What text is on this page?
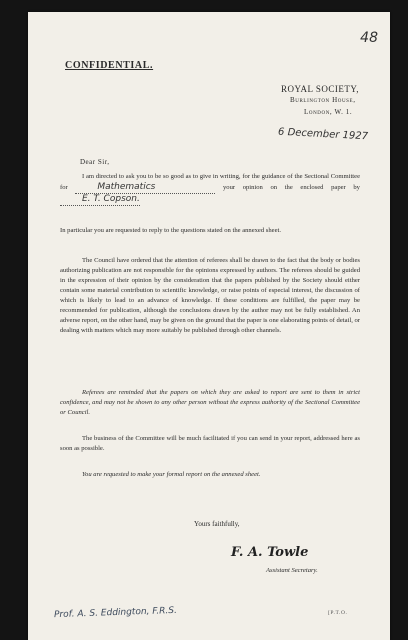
48
CONFIDENTIAL.
ROYAL SOCIETY,
Burlington House,
London, W. 1.
6 December 1927
Dear Sir,
I am directed to ask you to be so good as to give in writing, for the guidance of the Sectional Committee for	Mathematics	your opinion on the enclosed paper by E. T. Copson.
In particular you are requested to reply to the questions stated on the annexed sheet.
The Council have ordered that the attention of referees shall be drawn to the fact that the body or bodies authorizing publication are not responsible for the opinions expressed by authors. The referees should be guided in the expression of their opinion by the consideration that the papers published by the Society should either contain some material contribution to scientific knowledge, or raise points of especial interest, the discussion of which is likely to lead to an advance of knowledge. If these conditions are fulfilled, the paper may be recommended for publication, although the conclusions drawn by the author may not be fully established. An adverse report, on the other hand, may be given on the ground that the paper is one elaborating points of detail, or dealing with matters which may more suitably be published through other channels.
Referees are reminded that the papers on which they are asked to report are sent to them in strict confidence, and may not be shown to any other person without the express authority of the Sectional Committee or Council.
The business of the Committee will be much facilitated if you can send in your report, addressed here as soon as possible.
You are requested to make your formal report on the annexed sheet.
Yours faithfully,
F. A. Towle
Assistant Secretary.
Prof. A. S. Eddington, F.R.S.	[P.T.O.
